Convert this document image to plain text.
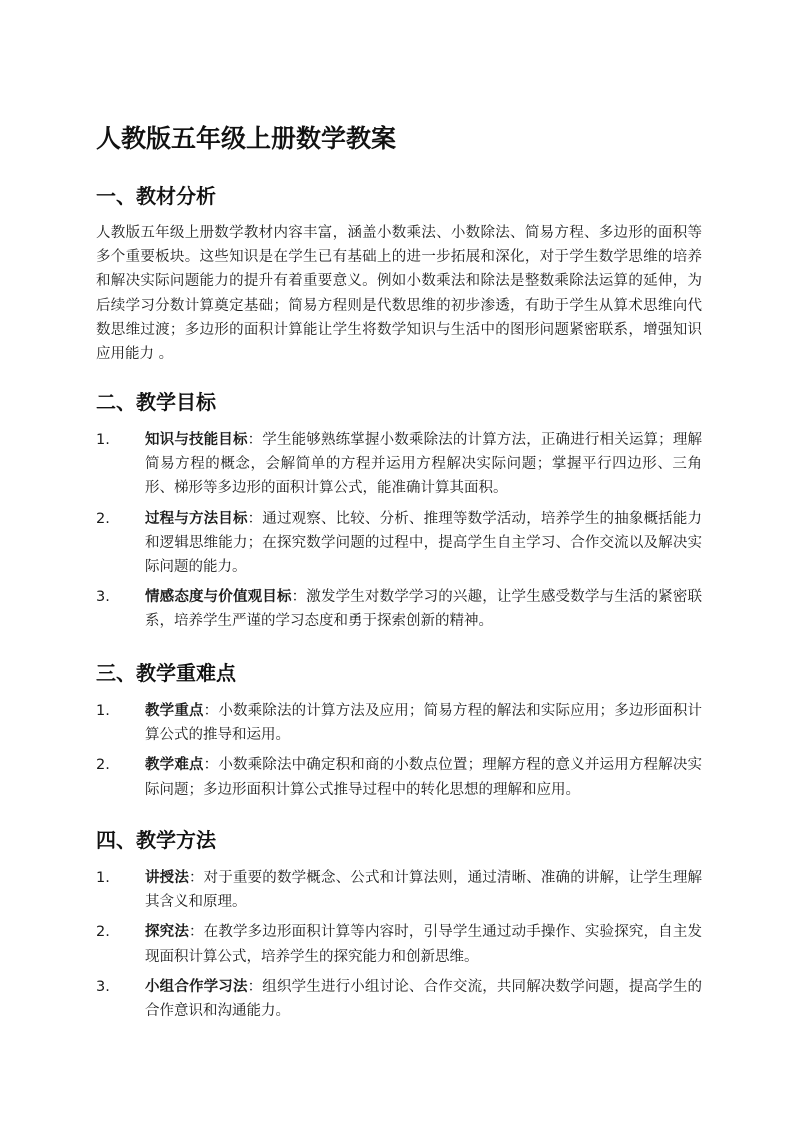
人教版五年级上册数学教案
一、教材分析

人教版五年级上册数学教材内容丰富，涵盖小数乘法、小数除法、简易方程、多边形的面积等多个重要板块。这些知识是在学生已有基础上的进一步拓展和深化，对于学生数学思维的培养和解决实际问题能力的提升有着重要意义。例如小数乘法和除法是整数乘除法运算的延伸，为后续学习分数计算奠定基础；简易方程则是代数思维的初步渗透，有助于学生从算术思维向代数思维过渡；多边形的面积计算能让学生将数学知识与生活中的图形问题紧密联系，增强知识应用能力 。

二、教学目标
1. 知识与技能目标：学生能够熟练掌握小数乘除法的计算方法，正确进行相关运算；理解简易方程的概念，会解简单的方程并运用方程解决实际问题；掌握平行四边形、三角形、梯形等多边形的面积计算公式，能准确计算其面积。
2. 过程与方法目标：通过观察、比较、分析、推理等数学活动，培养学生的抽象概括能力和逻辑思维能力；在探究数学问题的过程中，提高学生自主学习、合作交流以及解决实际问题的能力。
3. 情感态度与价值观目标：激发学生对数学学习的兴趣，让学生感受数学与生活的紧密联系，培养学生严谨的学习态度和勇于探索创新的精神。
三、教学重难点
1. 教学重点：小数乘除法的计算方法及应用；简易方程的解法和实际应用；多边形面积计算公式的推导和运用。
2. 教学难点：小数乘除法中确定积和商的小数点位置；理解方程的意义并运用方程解决实际问题；多边形面积计算公式推导过程中的转化思想的理解和应用。
四、教学方法
1. 讲授法：对于重要的数学概念、公式和计算法则，通过清晰、准确的讲解，让学生理解其含义和原理。
2. 探究法：在教学多边形面积计算等内容时，引导学生通过动手操作、实验探究，自主发现面积计算公式，培养学生的探究能力和创新思维。
3. 小组合作学习法：组织学生进行小组讨论、合作交流，共同解决数学问题，提高学生的合作意识和沟通能力。
